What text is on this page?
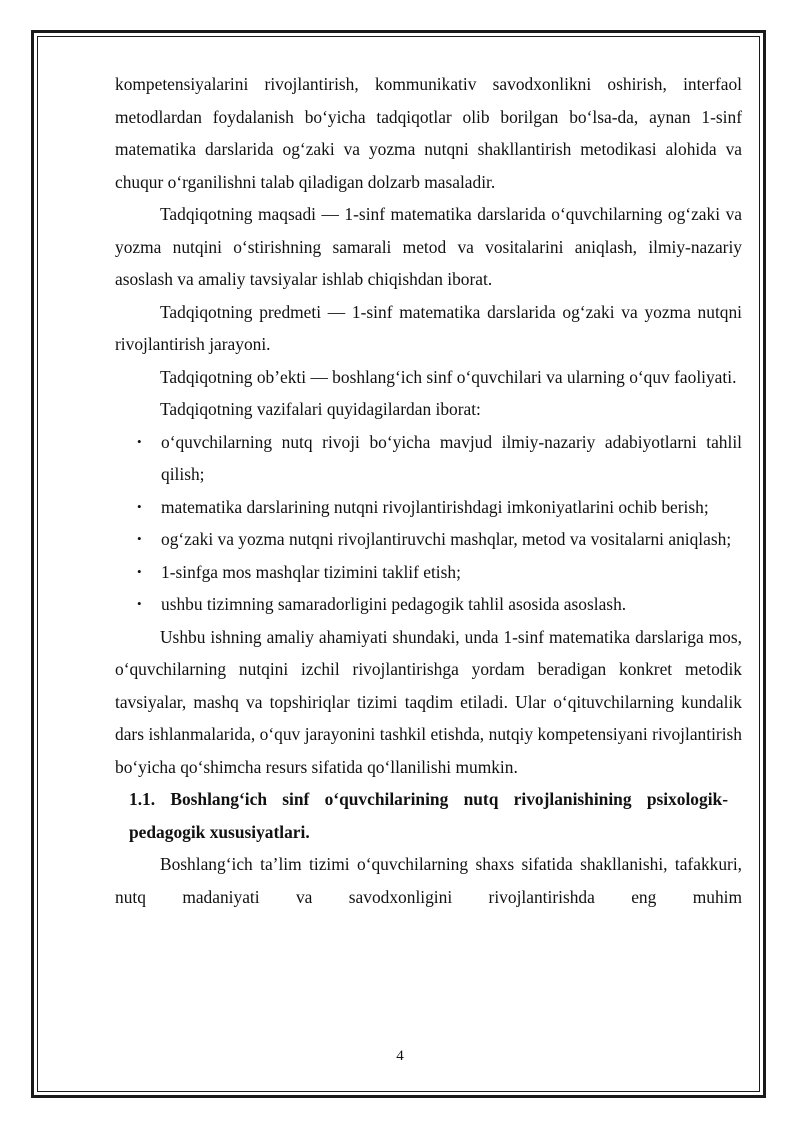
kompetensiyalarini rivojlantirish, kommunikativ savodxonlikni oshirish, interfaol metodlardan foydalanish bo‘yicha tadqiqotlar olib borilgan bo‘lsa-da, aynan 1-sinf matematika darslarida og‘zaki va yozma nutqni shakllantirish metodikasi alohida va chuqur o‘rganilishni talab qiladigan dolzarb masaladir.

Tadqiqotning maqsadi — 1-sinf matematika darslarida o‘quvchilarning og‘zaki va yozma nutqini o‘stirishning samarali metod va vositalarini aniqlash, ilmiy-nazariy asoslash va amaliy tavsiyalar ishlab chiqishdan iborat.

Tadqiqotning predmeti — 1-sinf matematika darslarida og‘zaki va yozma nutqni rivojlantirish jarayoni.

Tadqiqotning ob’ekti — boshlang‘ich sinf o‘quvchilari va ularning o‘quv faoliyati.

Tadqiqotning vazifalari quyidagilardan iborat:

• o‘quvchilarning nutq rivoji bo‘yicha mavjud ilmiy-nazariy adabiyotlarni tahlil qilish;
• matematika darslarining nutqni rivojlantirishdagi imkoniyatlarini ochib berish;
• og‘zaki va yozma nutqni rivojlantiruvchi mashqlar, metod va vositalarni aniqlash;
• 1-sinfga mos mashqlar tizimini taklif etish;
• ushbu tizimning samaradorligini pedagogik tahlil asosida asoslash.

Ushbu ishning amaliy ahamiyati shundaki, unda 1-sinf matematika darslariga mos, o‘quvchilarning nutqini izchil rivojlantirishga yordam beradigan konkret metodik tavsiyalar, mashq va topshiriqlar tizimi taqdim etiladi. Ular o‘qituvchilarning kundalik dars ishlanmalarida, o‘quv jarayonini tashkil etishda, nutqiy kompetensiyani rivojlantirish bo‘yicha qo‘shimcha resurs sifatida qo‘llanilishi mumkin.

1.1. Boshlang‘ich sinf o‘quvchilarining nutq rivojlanishining psixologik-pedagogik xususiyatlari.

Boshlang‘ich ta’lim tizimi o‘quvchilarning shaxs sifatida shakllanishi, tafakkuri, nutq madaniyati va savodxonligini rivojlantirishda eng muhim

4
